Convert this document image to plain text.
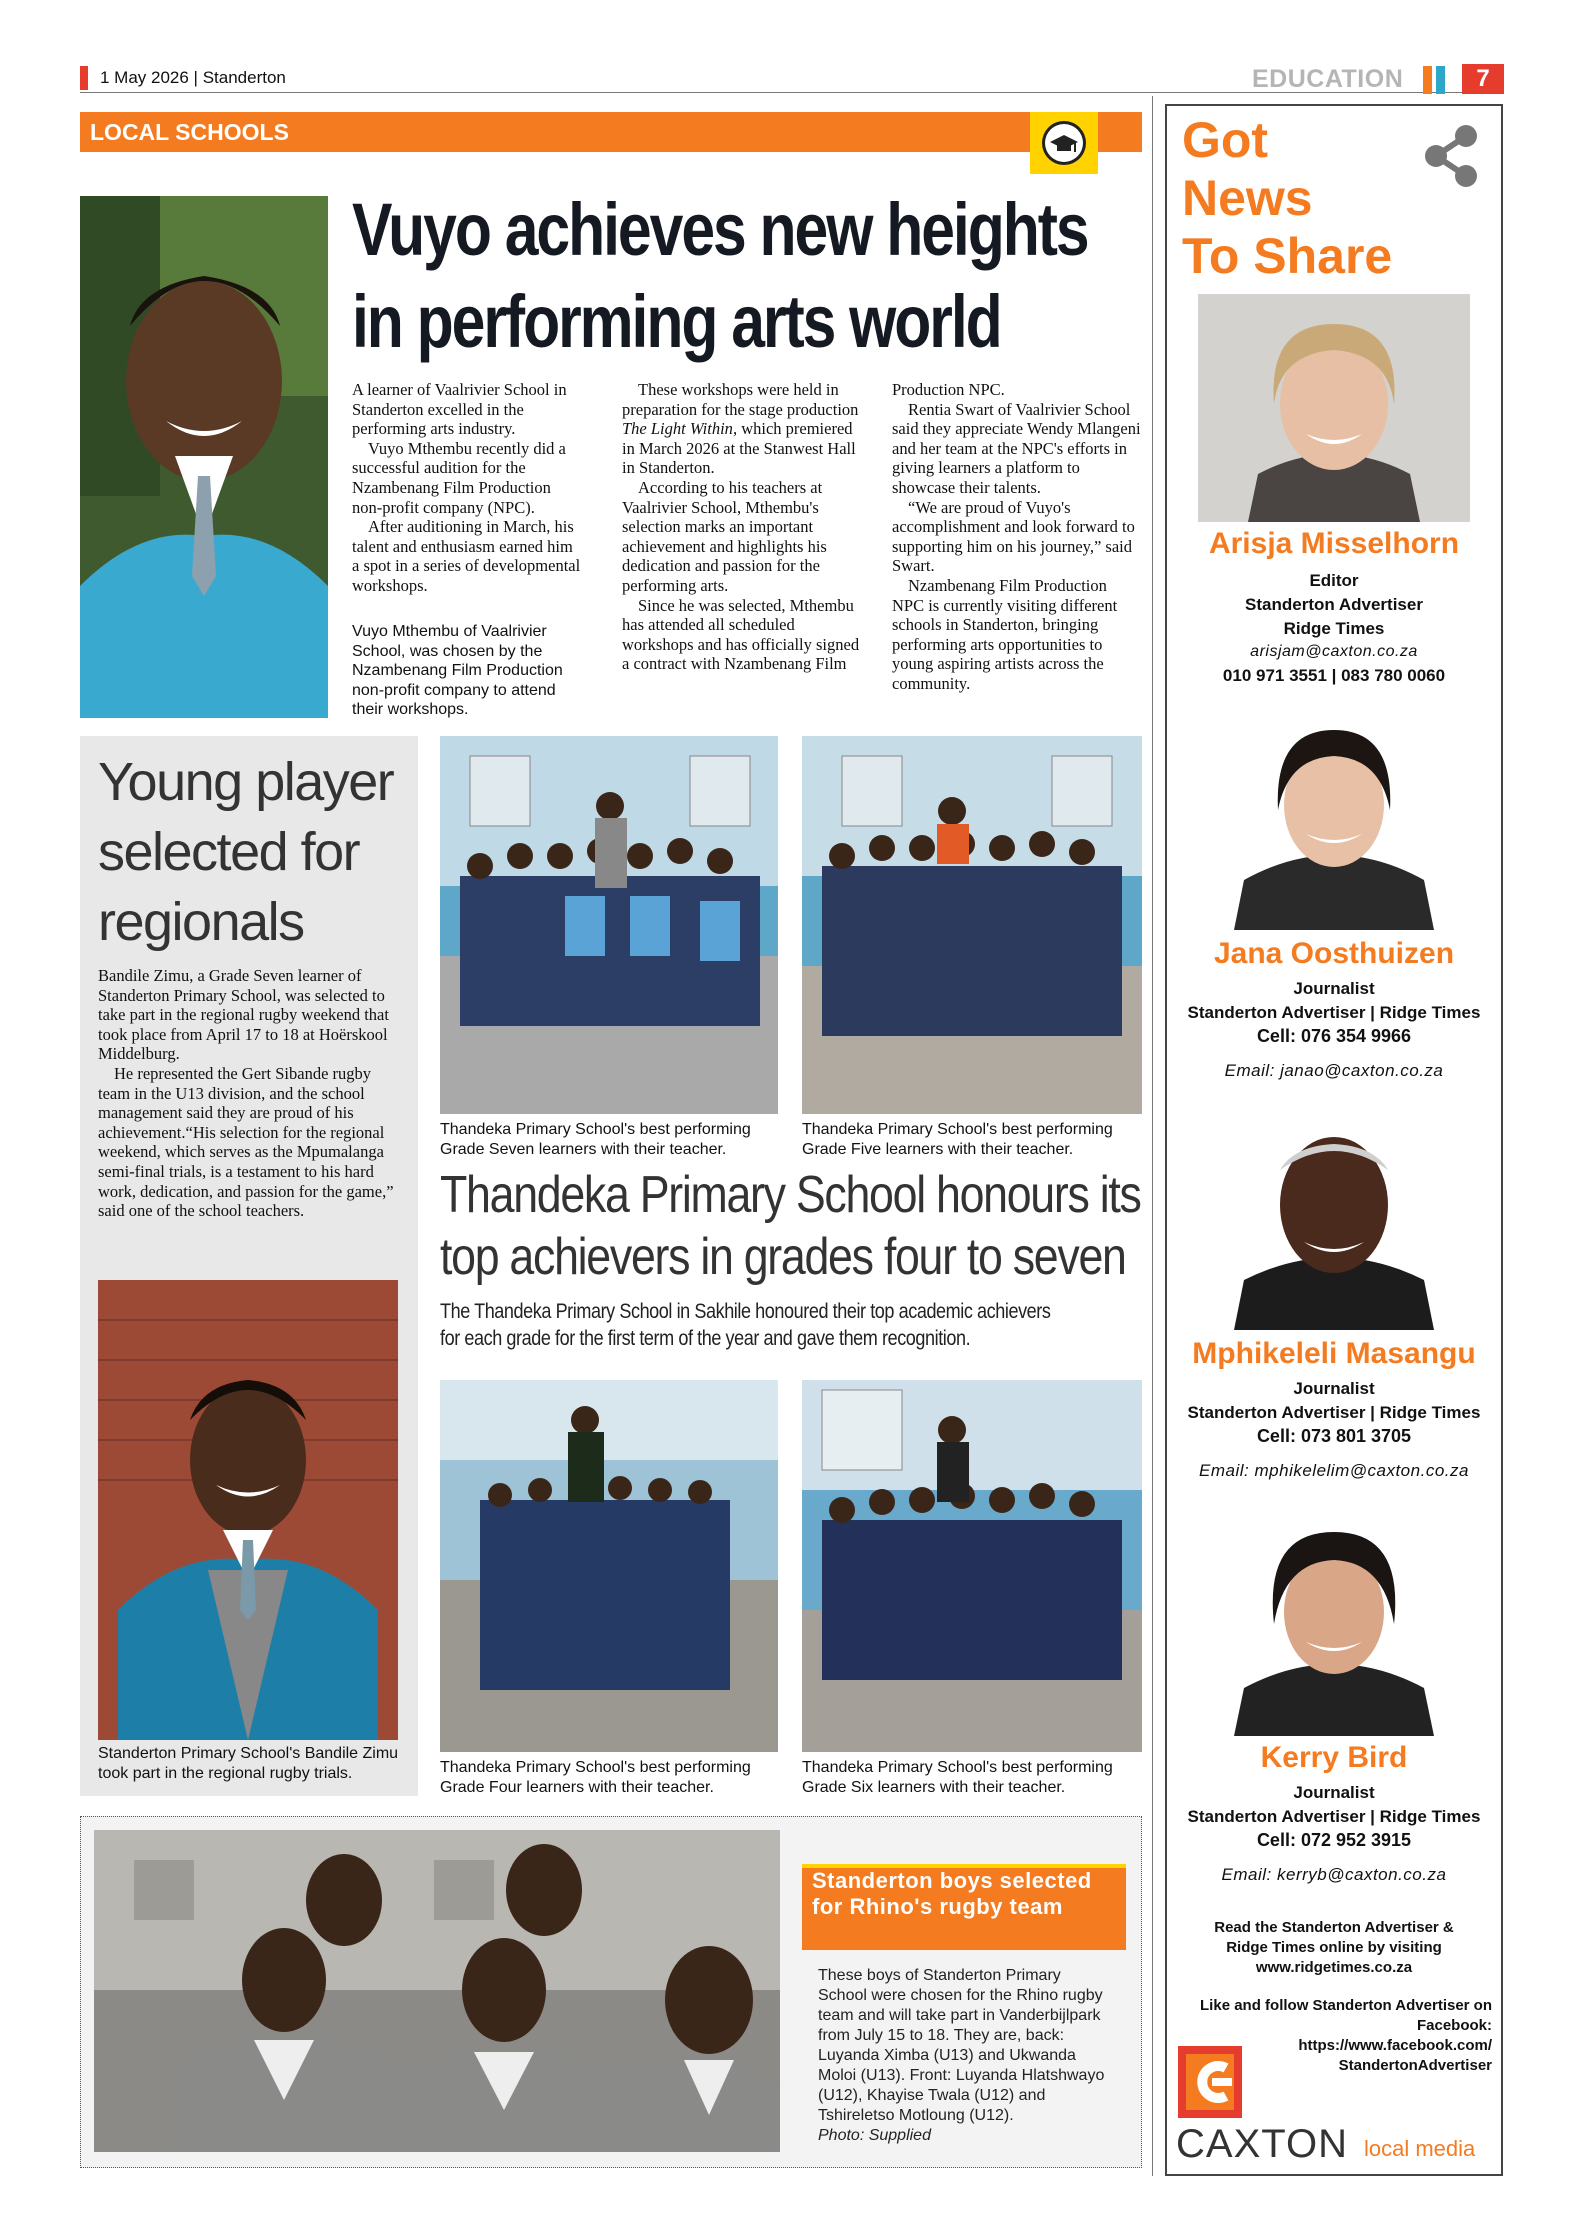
1 May 2026 | Standerton	EDUCATION	7
LOCAL SCHOOLS
Vuyo achieves new heights
in performing arts world

A learner of Vaalrivier School in Standerton excelled in the performing arts industry.

Vuyo Mthembu recently did a successful audition for the Nzambenang Film Production non-profit company (NPC).

After auditioning in March, his talent and enthusiasm earned him a spot in a series of developmental workshops.

Vuyo Mthembu of Vaalrivier School, was chosen by the Nzambenang Film Production non-profit company to attend their workshops.

These workshops were held in preparation for the stage production The Light Within, which premiered in March 2026 at the Stanwest Hall in Standerton.

According to his teachers at Vaalrivier School, Mthembu's selection marks an important achievement and highlights his dedication and passion for the performing arts.

Since he was selected, Mthembu has attended all scheduled workshops and has officially signed a contract with Nzambenang Film

Production NPC.

Rentia Swart of Vaalrivier School said they appreciate Wendy Mlangeni and her team at the NPC's efforts in giving learners a platform to showcase their talents.

“We are proud of Vuyo's accomplishment and look forward to supporting him on his journey,” said Swart.

Nzambenang Film Production NPC is currently visiting different schools in Standerton, bringing performing arts opportunities to young aspiring artists across the community.

Young player
selected for
regionals

Bandile Zimu, a Grade Seven learner of Standerton Primary School, was selected to take part in the regional rugby weekend that took place from April 17 to 18 at Hoërskool Middelburg.

He represented the Gert Sibande rugby team in the U13 division, and the school management said they are proud of his achievement.“His selection for the regional weekend, which serves as the Mpumalanga semi-final trials, is a testament to his hard work, dedication, and passion for the game,” said one of the school teachers.

Standerton Primary School's Bandile Zimu took part in the regional rugby trials.
Thandeka Primary School's best performing Grade Seven learners with their teacher.
Thandeka Primary School's best performing Grade Five learners with their teacher.
Thandeka Primary School honours its
top achievers in grades four to seven
The Thandeka Primary School in Sakhile honoured their top academic achievers for each grade for the first term of the year and gave them recognition.
Thandeka Primary School's best performing Grade Four learners with their teacher.
Thandeka Primary School's best performing Grade Six learners with their teacher.
Standerton boys selected for Rhino's rugby team
These boys of Standerton Primary School were chosen for the Rhino rugby team and will take part in Vanderbijlpark from July 15 to 18. They are, back: Luyanda Ximba (U13) and Ukwanda Moloi (U13). Front: Luyanda Hlatshwayo (U12), Khayise Twala (U12) and Tshireletso Motloung (U12).
Photo: Supplied
Got
News
To Share
Arisja Misselhorn
Editor
Standerton Advertiser
Ridge Times
arisjam@caxton.co.za
010 971 3551 | 083 780 0060
Jana Oosthuizen
Journalist
Standerton Advertiser | Ridge Times
Cell: 076 354 9966
Email: janao@caxton.co.za
Mphikeleli Masangu
Journalist
Standerton Advertiser | Ridge Times
Cell: 073 801 3705
Email: mphikelelim@caxton.co.za
Kerry Bird
Journalist
Standerton Advertiser | Ridge Times
Cell: 072 952 3915
Email: kerryb@caxton.co.za
Read the Standerton Advertiser &
Ridge Times online by visiting
www.ridgetimes.co.za
Like and follow Standerton Advertiser on
Facebook:
https://www.facebook.com/
StandertonAdvertiser
CAXTON local media
